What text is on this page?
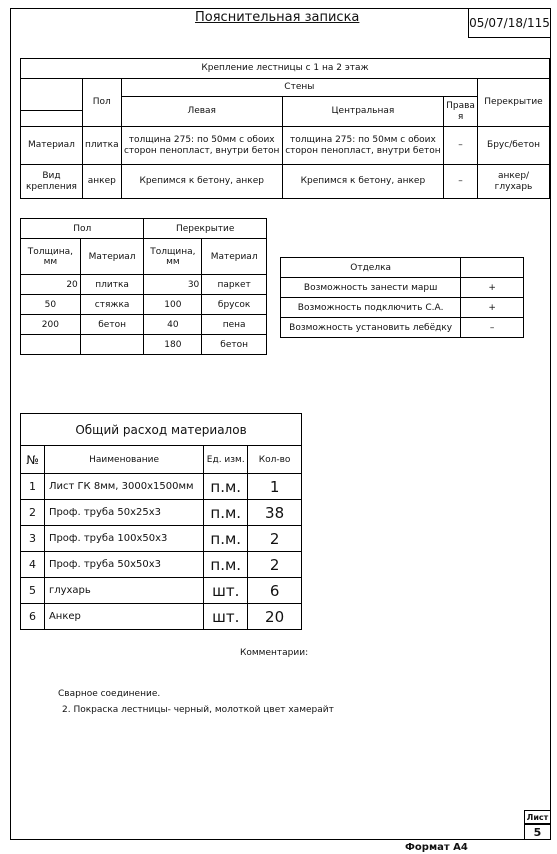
Пояснительная записка	05/07/18/115
Крепление лестницы с 1 на 2 этаж					
	Пол	Стены			Перекрытие
		Левая	Центральная	Права я	

Материал	плитка	толщина 275: по 50мм с обоих сторон пенопласт, внутри бетон	толщина 275: по 50мм с обоих сторон пенопласт, внутри бетон	–	Брус/бетон
Вид крепления	анкер	Крепимся к бетону, анкер	Крепимся к бетону, анкер	–	анкер/глухарь
Пол		Перекрытие	
Толщина, мм	Материал	Толщина, мм	Материал
20	плитка	30	паркет
50	стяжка	100	брусок
200	бетон	40	пена
		180	бетон
Отделка	
Возможность занести марш	+
Возможность подключить С.А.	+
Возможность установить лебёдку	–
Общий расход материалов			
№	Наименование	Ед. изм.	Кол-во
1	Лист ГК 8мм, 3000х1500мм	п.м.	1
2	Проф. труба 50х25х3	п.м.	38
3	Проф. труба 100х50х3	п.м.	2
4	Проф. труба 50х50х3	п.м.	2
5	глухарь	шт.	6
6	Анкер	шт.	20
Комментарии:
Сварное соединение.
2. Покраска лестницы- черный, молоткой цвет хамерайт
Лист
5
Формат А4
